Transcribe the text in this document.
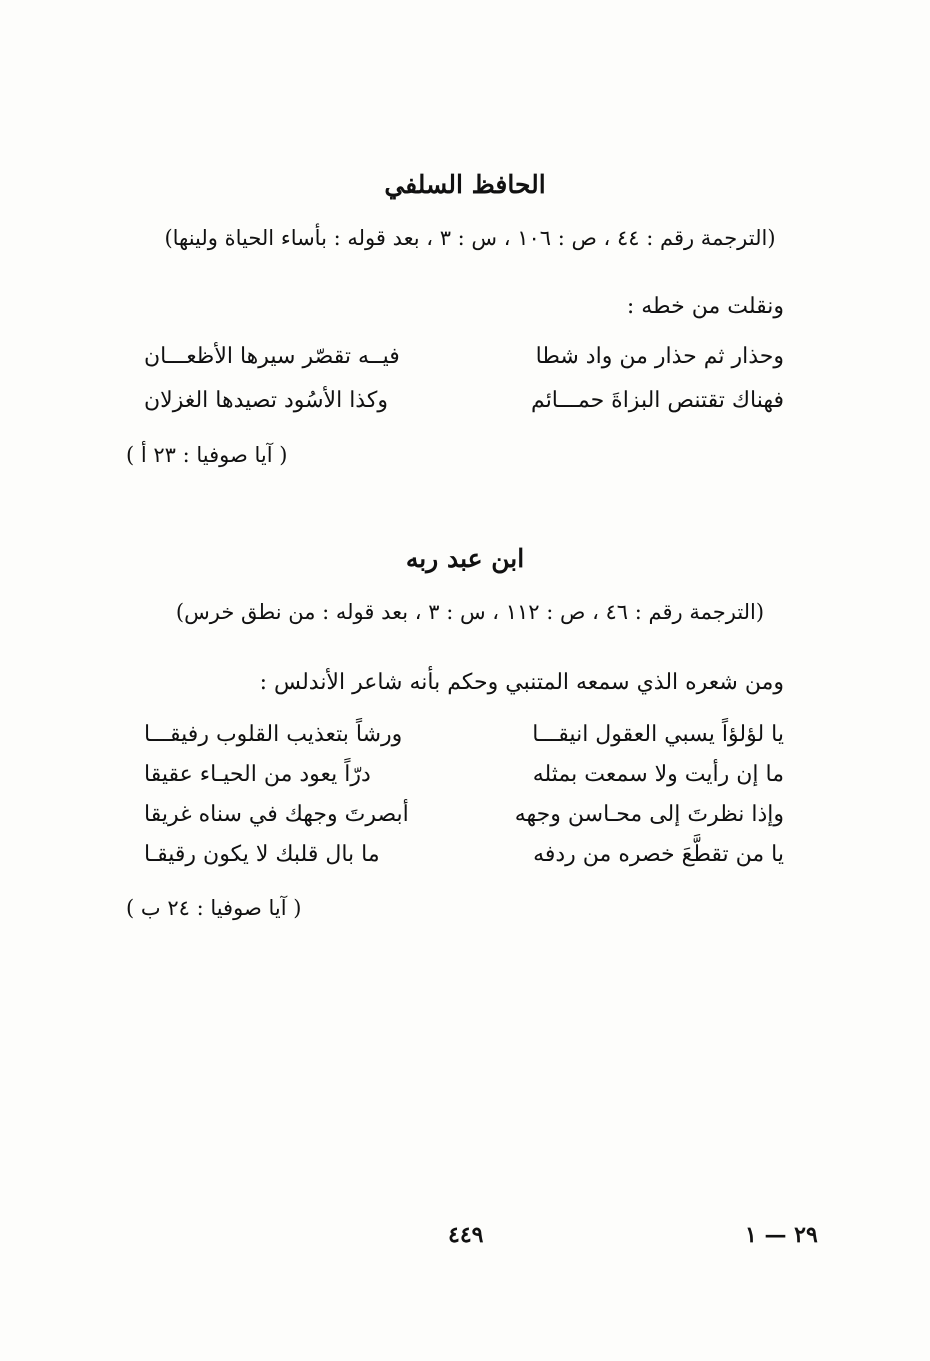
الحافظ السلفي
(الترجمة رقم : ٤٤ ، ص : ١٠٦ ، س : ٣ ، بعد قوله : بأساء الحياة ولينها)
ونقلت من خطه :
وحذار ثم حذار من واد شطا
فيــه تقصّر سيرها الأظعـــان
فهناك تقتنص البزاةَ حمـــائم
وكذا الأسُود تصيدها الغزلان
( آيا صوفيا : ٢٣ أ )
ابن عبد ربه
(الترجمة رقم : ٤٦ ، ص : ١١٢ ، س : ٣ ، بعد قوله : من نطق خرس)
ومن شعره الذي سمعه المتنبي وحكم بأنه شاعر الأندلس :
يا لؤلؤاً يسبي العقول انيقـــا
ورشاً بتعذيب القلوب رفيقـــا
ما إن رأيت ولا سمعت بمثله
درّاً يعود من الحيـاء عقيقا
وإذا نظرتَ إلى محـاسن وجهه
أبصرتَ وجهك في سناه غريقا
يا من تقطَّعَ خصره من ردفه
ما بال قلبك لا يكون رقيقـا
( آيا صوفيا : ٢٤ ب )
٤٤٩	٢٩ — ١
